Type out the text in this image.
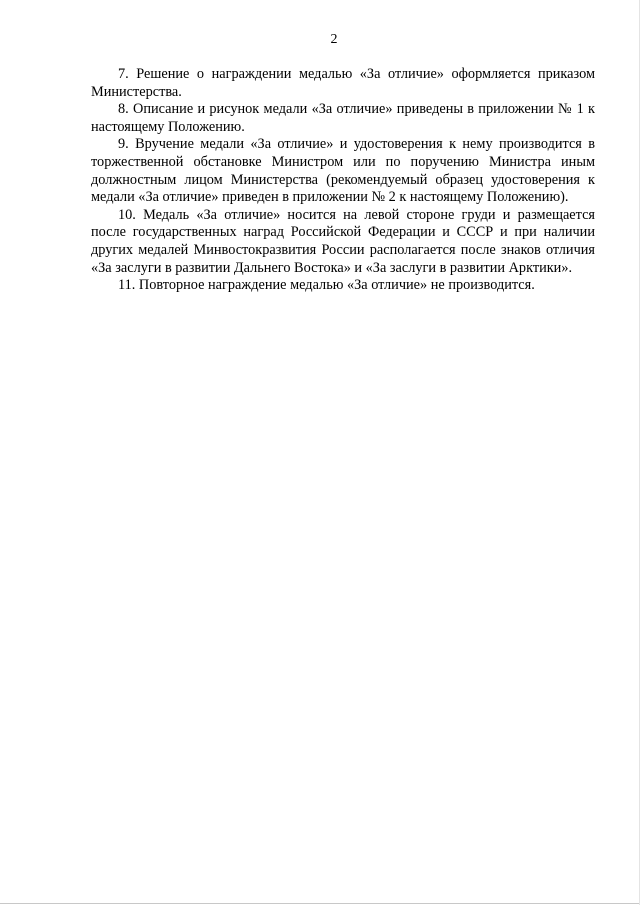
2

7. Решение о награждении медалью «За отличие» оформляется приказом Министерства.

8. Описание и рисунок медали «За отличие» приведены в приложении № 1 к настоящему Положению.

9. Вручение медали «За отличие» и удостоверения к нему производится в торжественной обстановке Министром или по поручению Министра иным должностным лицом Министерства (рекомендуемый образец удостоверения к медали «За отличие» приведен в приложении № 2 к настоящему Положению).

10. Медаль «За отличие» носится на левой стороне груди и размещается после государственных наград Российской Федерации и СССР и при наличии других медалей Минвостокразвития России располагается после знаков отличия «За заслуги в развитии Дальнего Востока» и «За заслуги в развитии Арктики».

11. Повторное награждение медалью «За отличие» не производится.
